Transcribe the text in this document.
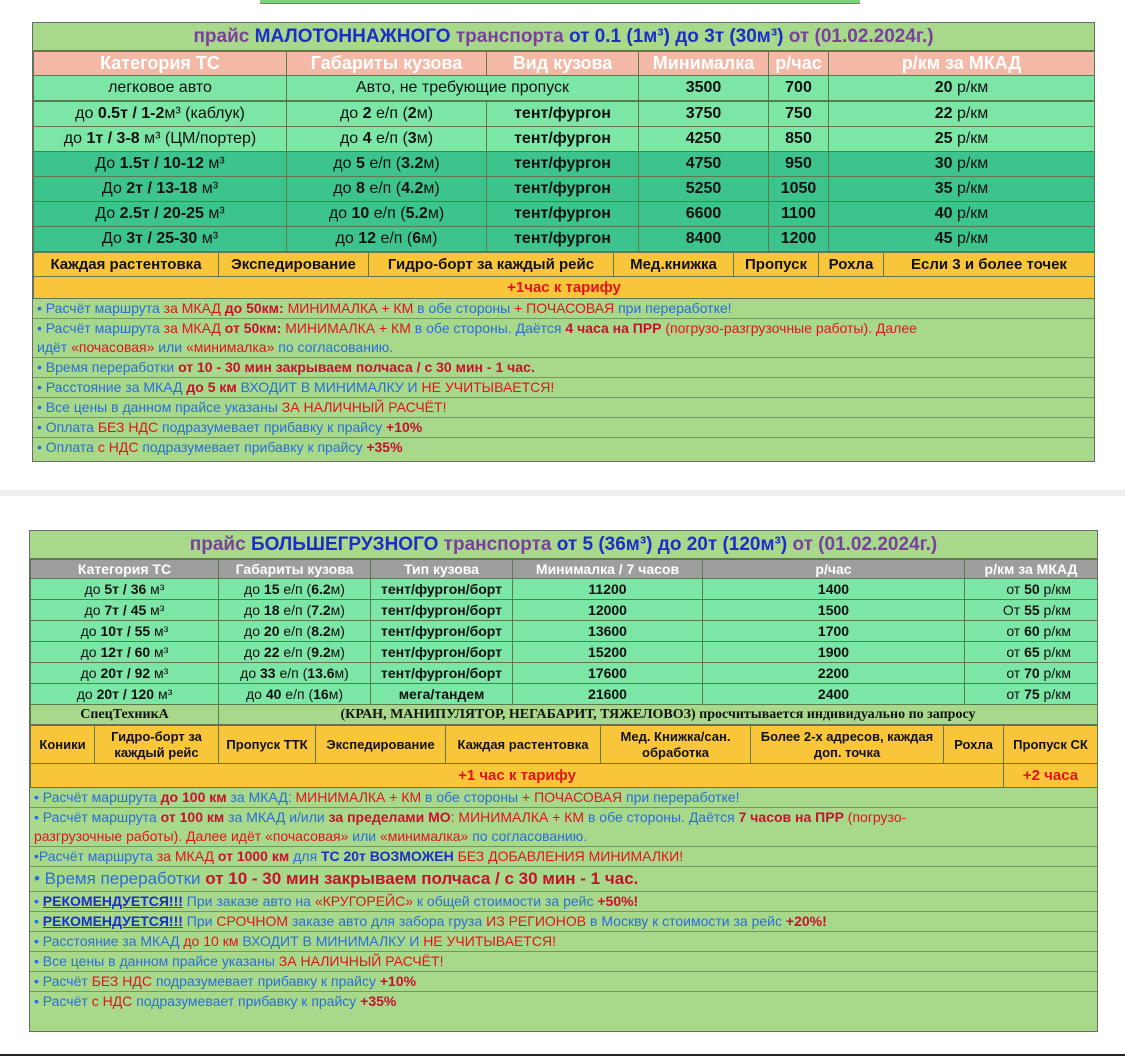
прайс МАЛОТОННАЖНОГО транспорта от 0.1 (1м³) до 3т (30м³) от (01.02.2024г.)
Категория ТС	Габариты кузова	Вид кузова	Минималка	р/час	р/км за МКАД
легковое авто	Авто, не требующие пропуск		3500	700	20 р/км
до 0.5т / 1-2м³ (каблук)	до 2 е/п (2м)	тент/фургон	3750	750	22 р/км
до 1т / 3-8 м³ (ЦМ/портер)	до 4 е/п (3м)	тент/фургон	4250	850	25 р/км
До 1.5т / 10-12 м³	до 5 е/п (3.2м)	тент/фургон	4750	950	30 р/км
До 2т / 13-18 м³	до 8 е/п (4.2м)	тент/фургон	5250	1050	35 р/км
До 2.5т / 20-25 м³	до 10 е/п (5.2м)	тент/фургон	6600	1100	40 р/км
До 3т / 25-30 м³	до 12 е/п (6м)	тент/фургон	8400	1200	45 р/км
Каждая растентовка	Экспедирование	Гидро-борт за каждый рейс	Мед.книжка	Пропуск	Рохла	Если 3 и более точек
+1час к тарифу
• Расчёт маршрута за МКАД до 50км: МИНИМАЛКА + КМ в обе стороны + ПОЧАСОВАЯ при переработке!
• Расчёт маршрута за МКАД от 50км: МИНИМАЛКА + КМ в обе стороны. Даётся 4 часа на ПРР (погрузо-разгрузочные работы). Далее
идёт «почасовая» или «минималка» по согласованию.
• Время переработки от 10 - 30 мин закрываем полчаса / с 30 мин - 1 час.
• Расстояние за МКАД до 5 км ВХОДИТ В МИНИМАЛКУ И НЕ УЧИТЫВАЕТСЯ!
• Все цены в данном прайсе указаны ЗА НАЛИЧНЫЙ РАСЧЁТ!
• Оплата БЕЗ НДС подразумевает прибавку к прайсу +10%
• Оплата с НДС подразумевает прибавку к прайсу +35%
прайс БОЛЬШЕГРУЗНОГО транспорта от 5 (36м³) до 20т (120м³) от (01.02.2024г.)
Категория ТС	Габариты кузова	Тип кузова	Минималка / 7 часов	р/час	р/км за МКАД
до 5т / 36 м³	до 15 е/п (6.2м)	тент/фургон/борт	11200	1400	от 50 р/км
до 7т / 45 м³	до 18 е/п (7.2м)	тент/фургон/борт	12000	1500	От 55 р/км
до 10т / 55 м³	до 20 е/п (8.2м)	тент/фургон/борт	13600	1700	от 60 р/км
до 12т / 60 м³	до 22 е/п (9.2м)	тент/фургон/борт	15200	1900	от 65 р/км
до 20т / 92 м³	до 33 е/п (13.6м)	тент/фургон/борт	17600	2200	от 70 р/км
до 20т / 120 м³	до 40 е/п (16м)	мега/тандем	21600	2400	от 75 р/км
СпецТехникА	(КРАН, МАНИПУЛЯТОР, НЕГАБАРИТ, ТЯЖЕЛОВОЗ) просчитывается индивидуально по запросу				
Коники	Гидро-борт за каждый рейс	Пропуск ТТК	Экспедирование	Каждая растентовка	Мед. Книжка/сан. обработка	Более 2-х адресов, каждая доп. точка	Рохла	Пропуск СК
+1 час к тарифу								+2 часа
• Расчёт маршрута до 100 км за МКАД: МИНИМАЛКА + КМ в обе стороны + ПОЧАСОВАЯ при переработке!
• Расчёт маршрута от 100 км за МКАД и/или за пределами МО: МИНИМАЛКА + КМ в обе стороны. Даётся 7 часов на ПРР (погрузо-
разгрузочные работы). Далее идёт «почасовая» или «минималка» по согласованию.
•Расчёт маршрута за МКАД от 1000 км для ТС 20т ВОЗМОЖЕН БЕЗ ДОБАВЛЕНИЯ МИНИМАЛКИ!
• Время переработки от 10 - 30 мин закрываем полчаса / с 30 мин - 1 час.
• РЕКОМЕНДУЕТСЯ!!! При заказе авто на «КРУГОРЕЙС» к общей стоимости за рейс +50%!
• РЕКОМЕНДУЕТСЯ!!! При СРОЧНОМ заказе авто для забора груза ИЗ РЕГИОНОВ в Москву к стоимости за рейс +20%!
• Расстояние за МКАД до 10 км ВХОДИТ В МИНИМАЛКУ И НЕ УЧИТЫВАЕТСЯ!
• Все цены в данном прайсе указаны ЗА НАЛИЧНЫЙ РАСЧЁТ!
• Расчёт БЕЗ НДС подразумевает прибавку к прайсу +10%
• Расчёт с НДС подразумевает прибавку к прайсу +35%
